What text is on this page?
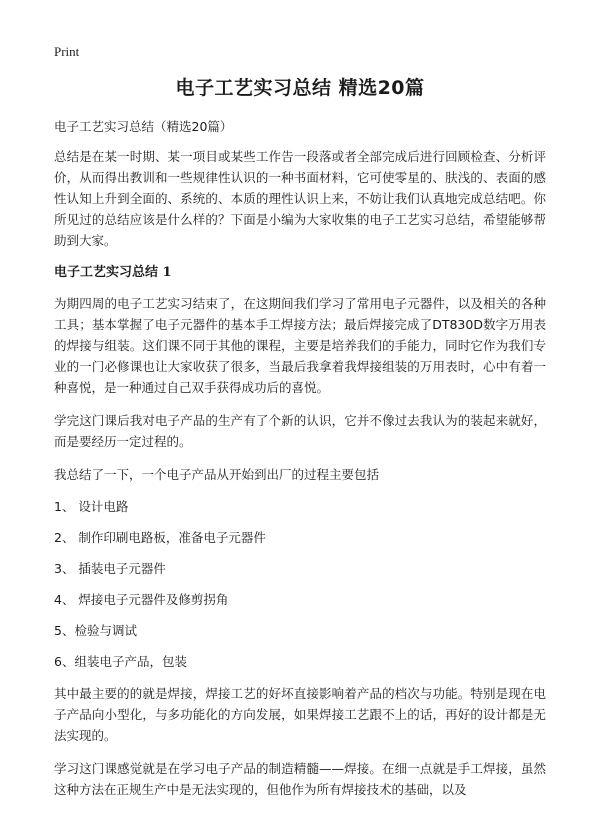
Print
电子工艺实习总结 精选20篇
电子工艺实习总结（精选20篇）

总结是在某一时期、某一项目或某些工作告一段落或者全部完成后进行回顾检查、分析评价，从而得出教训和一些规律性认识的一种书面材料，它可使零星的、肤浅的、表面的感性认知上升到全面的、系统的、本质的理性认识上来，不妨让我们认真地完成总结吧。你所见过的总结应该是什么样的？下面是小编为大家收集的电子工艺实习总结，希望能够帮助到大家。

电子工艺实习总结 1

为期四周的电子工艺实习结束了，在这期间我们学习了常用电子元器件，以及相关的各种工具；基本掌握了电子元器件的基本手工焊接方法；最后焊接完成了DT830D数字万用表的焊接与组装。这们课不同于其他的课程，主要是培养我们的手能力，同时它作为我们专业的一门必修课也让大家收获了很多，当最后我拿着我焊接组装的万用表时，心中有着一种喜悦，是一种通过自己双手获得成功后的喜悦。

学完这门课后我对电子产品的生产有了个新的认识，它并不像过去我认为的装起来就好，而是要经历一定过程的。

我总结了一下，一个电子产品从开始到出厂的过程主要包括

1、 设计电路
2、 制作印刷电路板，准备电子元器件
3、 插装电子元器件
4、 焊接电子元器件及修剪拐角
5、检验与调试
6、组装电子产品，包装

其中最主要的的就是焊接，焊接工艺的好坏直接影响着产品的档次与功能。特别是现在电子产品向小型化，与多功能化的方向发展，如果焊接工艺跟不上的话，再好的设计都是无法实现的。

学习这门课感觉就是在学习电子产品的制造精髓——焊接。在细一点就是手工焊接，虽然这种方法在正规生产中是无法实现的，但他作为所有焊接技术的基础，以及
